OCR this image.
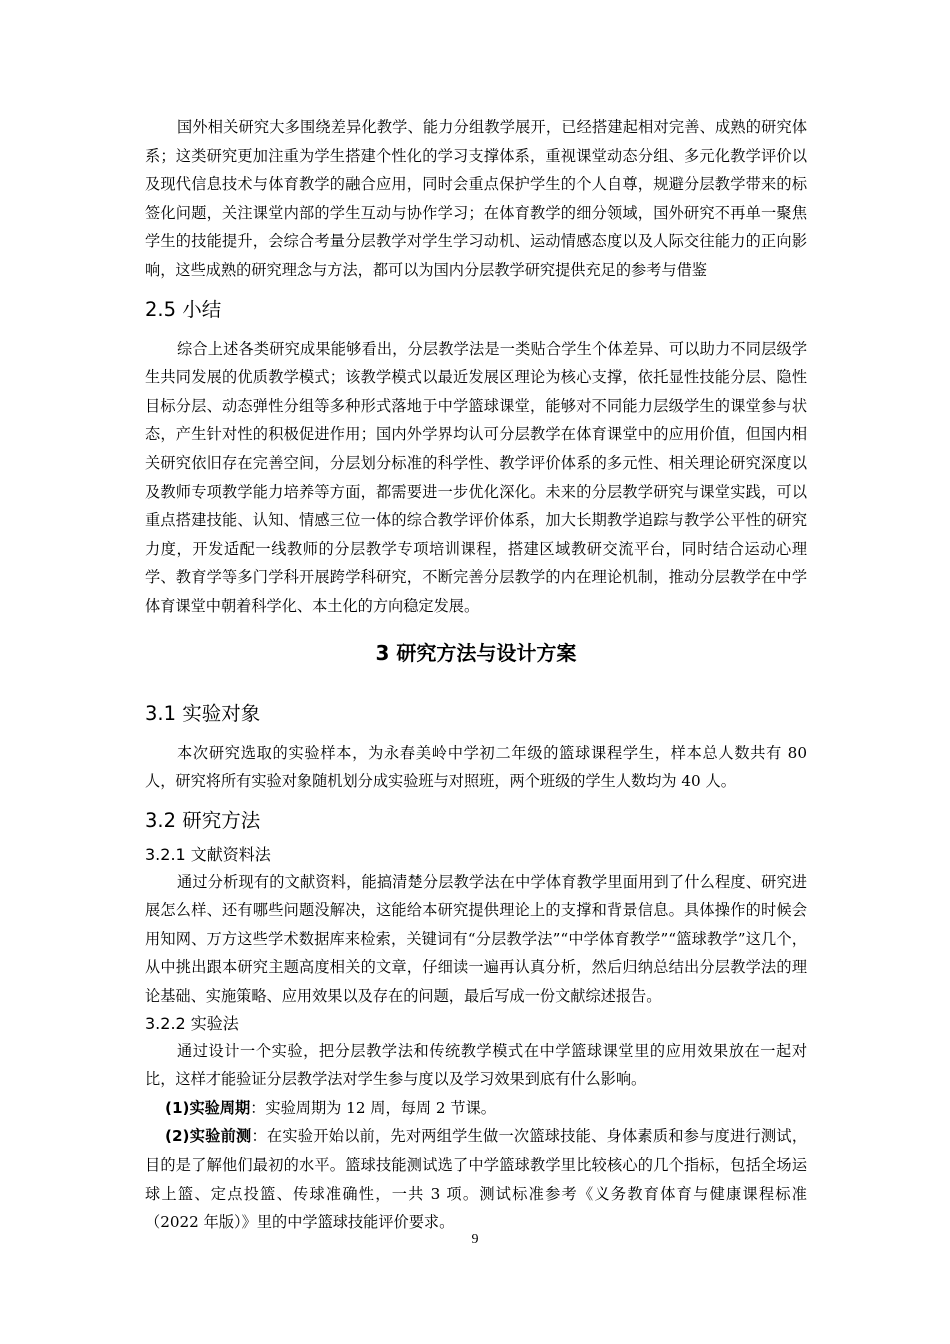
国外相关研究大多围绕差异化教学、能力分组教学展开，已经搭建起相对完善、成熟的研究体系；这类研究更加注重为学生搭建个性化的学习支撑体系，重视课堂动态分组、多元化教学评价以及现代信息技术与体育教学的融合应用，同时会重点保护学生的个人自尊，规避分层教学带来的标签化问题，关注课堂内部的学生互动与协作学习；在体育教学的细分领域，国外研究不再单一聚焦学生的技能提升，会综合考量分层教学对学生学习动机、运动情感态度以及人际交往能力的正向影响，这些成熟的研究理念与方法，都可以为国内分层教学研究提供充足的参考与借鉴

2.5 小结

综合上述各类研究成果能够看出，分层教学法是一类贴合学生个体差异、可以助力不同层级学生共同发展的优质教学模式；该教学模式以最近发展区理论为核心支撑，依托显性技能分层、隐性目标分层、动态弹性分组等多种形式落地于中学篮球课堂，能够对不同能力层级学生的课堂参与状态，产生针对性的积极促进作用；国内外学界均认可分层教学在体育课堂中的应用价值，但国内相关研究依旧存在完善空间，分层划分标准的科学性、教学评价体系的多元性、相关理论研究深度以及教师专项教学能力培养等方面，都需要进一步优化深化。未来的分层教学研究与课堂实践，可以重点搭建技能、认知、情感三位一体的综合教学评价体系，加大长期教学追踪与教学公平性的研究力度，开发适配一线教师的分层教学专项培训课程，搭建区域教研交流平台，同时结合运动心理学、教育学等多门学科开展跨学科研究，不断完善分层教学的内在理论机制，推动分层教学在中学体育课堂中朝着科学化、本土化的方向稳定发展。

3 研究方法与设计方案
3.1 实验对象

本次研究选取的实验样本，为永春美岭中学初二年级的篮球课程学生，样本总人数共有 80 人，研究将所有实验对象随机划分成实验班与对照班，两个班级的学生人数均为 40 人。

3.2 研究方法
3.2.1 文献资料法

通过分析现有的文献资料，能搞清楚分层教学法在中学体育教学里面用到了什么程度、研究进展怎么样、还有哪些问题没解决，这能给本研究提供理论上的支撑和背景信息。具体操作的时候会用知网、万方这些学术数据库来检索，关键词有“分层教学法”“中学体育教学”“篮球教学”这几个，从中挑出跟本研究主题高度相关的文章，仔细读一遍再认真分析，然后归纳总结出分层教学法的理论基础、实施策略、应用效果以及存在的问题，最后写成一份文献综述报告。

3.2.2 实验法

通过设计一个实验，把分层教学法和传统教学模式在中学篮球课堂里的应用效果放在一起对比，这样才能验证分层教学法对学生参与度以及学习效果到底有什么影响。

(1)实验周期：实验周期为 12 周，每周 2 节课。

(2)实验前测：在实验开始以前，先对两组学生做一次篮球技能、身体素质和参与度进行测试，目的是了解他们最初的水平。篮球技能测试选了中学篮球教学里比较核心的几个指标，包括全场运球上篮、定点投篮、传球准确性，一共 3 项。测试标准参考《义务教育体育与健康课程标准（2022 年版）》里的中学篮球技能评价要求。

9
